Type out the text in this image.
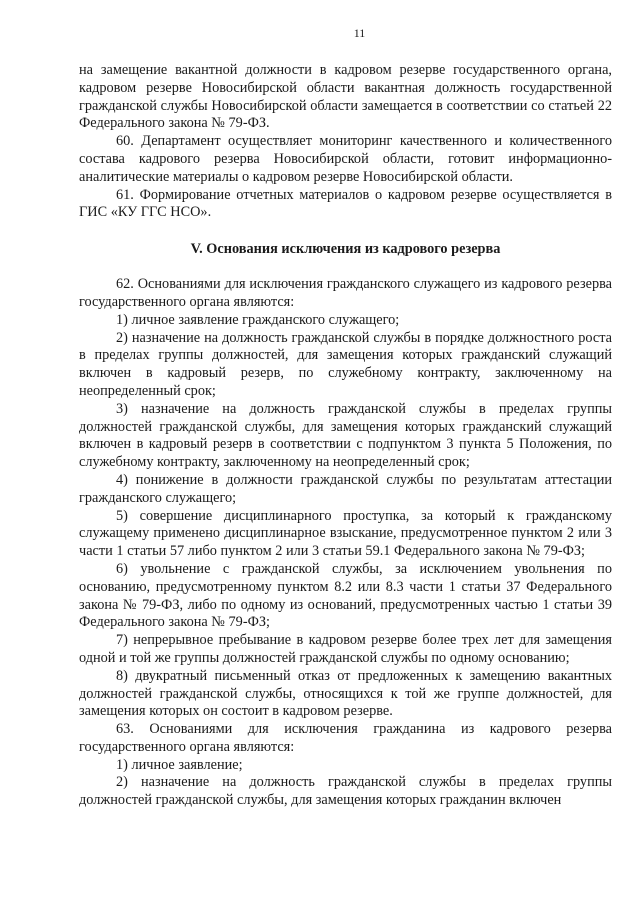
11

на замещение вакантной должности в кадровом резерве государственного органа, кадровом резерве Новосибирской области вакантная должность государственной гражданской службы Новосибирской области замещается в соответствии со статьей 22 Федерального закона № 79-ФЗ.

60. Департамент осуществляет мониторинг качественного и количественного состава кадрового резерва Новосибирской области, готовит информационно-аналитические материалы о кадровом резерве Новосибирской области.

61. Формирование отчетных материалов о кадровом резерве осуществляется в ГИС «КУ ГГС НСО».

V. Основания исключения из кадрового резерва

62. Основаниями для исключения гражданского служащего из кадрового резерва государственного органа являются:

1) личное заявление гражданского служащего;

2) назначение на должность гражданской службы в порядке должностного роста в пределах группы должностей, для замещения которых гражданский служащий включен в кадровый резерв, по служебному контракту, заключенному на неопределенный срок;

3) назначение на должность гражданской службы в пределах группы должностей гражданской службы, для замещения которых гражданский служащий включен в кадровый резерв в соответствии с подпунктом 3 пункта 5 Положения, по служебному контракту, заключенному на неопределенный срок;

4) понижение в должности гражданской службы по результатам аттестации гражданского служащего;

5) совершение дисциплинарного проступка, за который к гражданскому служащему применено дисциплинарное взыскание, предусмотренное пунктом 2 или 3 части 1 статьи 57 либо пунктом 2 или 3 статьи 59.1 Федерального закона № 79-ФЗ;

6) увольнение с гражданской службы, за исключением увольнения по основанию, предусмотренному пунктом 8.2 или 8.3 части 1 статьи 37 Федерального закона № 79-ФЗ, либо по одному из оснований, предусмотренных частью 1 статьи 39 Федерального закона № 79-ФЗ;

7) непрерывное пребывание в кадровом резерве более трех лет для замещения одной и той же группы должностей гражданской службы по одному основанию;

8) двукратный письменный отказ от предложенных к замещению вакантных должностей гражданской службы, относящихся к той же группе должностей, для замещения которых он состоит в кадровом резерве.

63. Основаниями для исключения гражданина из кадрового резерва государственного органа являются:

1) личное заявление;

2) назначение на должность гражданской службы в пределах группы должностей гражданской службы, для замещения которых гражданин включен
